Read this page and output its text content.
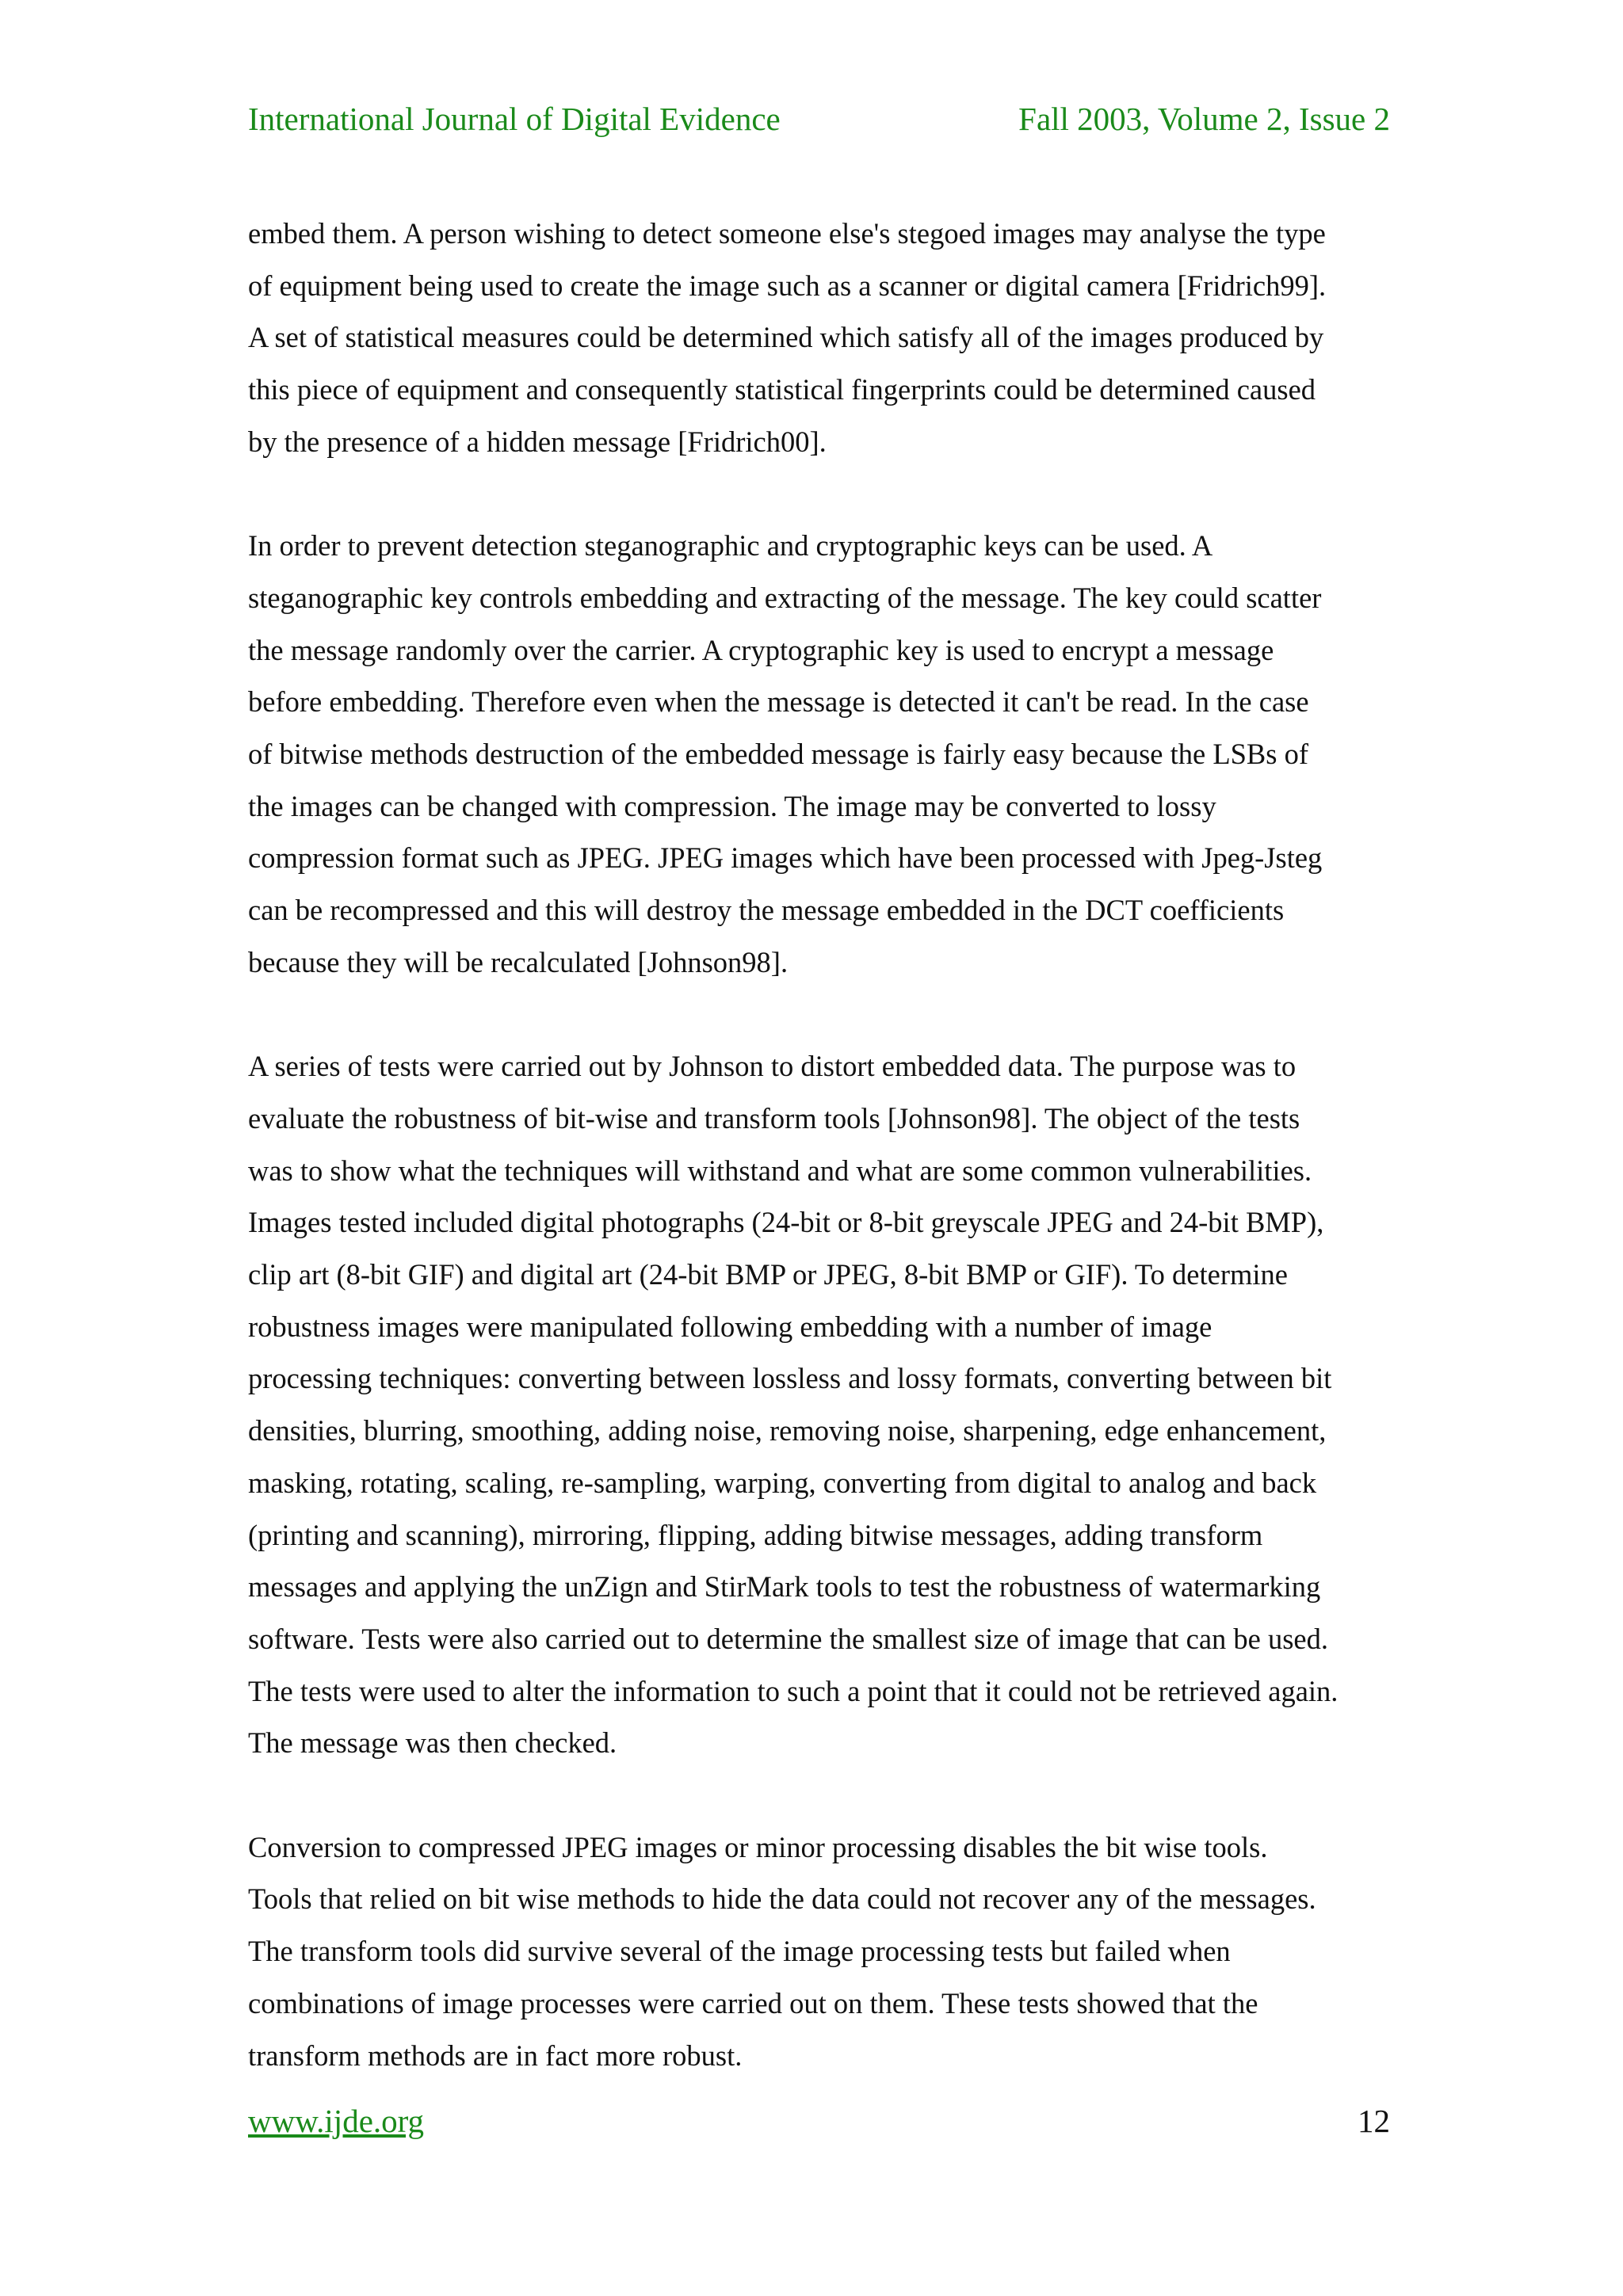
International Journal of Digital Evidence	Fall 2003, Volume 2, Issue 2

embed them. A person wishing to detect someone else's stegoed images may analyse the type
of equipment being used to create the image such as a scanner or digital camera [Fridrich99].
A set of statistical measures could be determined which satisfy all of the images produced by
this piece of equipment and consequently statistical fingerprints could be determined caused
by the presence of a hidden message [Fridrich00].

In order to prevent detection steganographic and cryptographic keys can be used. A
steganographic key controls embedding and extracting of the message. The key could scatter
the message randomly over the carrier. A cryptographic key is used to encrypt a message
before embedding. Therefore even when the message is detected it can't be read. In the case
of bitwise methods destruction of the embedded message is fairly easy because the LSBs of
the images can be changed with compression. The image may be converted to lossy
compression format such as JPEG. JPEG images which have been processed with Jpeg-Jsteg
can be recompressed and this will destroy the message embedded in the DCT coefficients
because they will be recalculated [Johnson98].

A series of tests were carried out by Johnson to distort embedded data. The purpose was to
evaluate the robustness of bit-wise and transform tools [Johnson98]. The object of the tests
was to show what the techniques will withstand and what are some common vulnerabilities.
Images tested included digital photographs (24-bit or 8-bit greyscale JPEG and 24-bit BMP),
clip art (8-bit GIF) and digital art (24-bit BMP or JPEG, 8-bit BMP or GIF). To determine
robustness images were manipulated following embedding with a number of image
processing techniques: converting between lossless and lossy formats, converting between bit
densities, blurring, smoothing, adding noise, removing noise, sharpening, edge enhancement,
masking, rotating, scaling, re-sampling, warping, converting from digital to analog and back
(printing and scanning), mirroring, flipping, adding bitwise messages, adding transform
messages and applying the unZign and StirMark tools to test the robustness of watermarking
software. Tests were also carried out to determine the smallest size of image that can be used.
The tests were used to alter the information to such a point that it could not be retrieved again.
The message was then checked.

Conversion to compressed JPEG images or minor processing disables the bit wise tools.
Tools that relied on bit wise methods to hide the data could not recover any of the messages.
The transform tools did survive several of the image processing tests but failed when
combinations of image processes were carried out on them. These tests showed that the
transform methods are in fact more robust.

www.ijde.org	12
